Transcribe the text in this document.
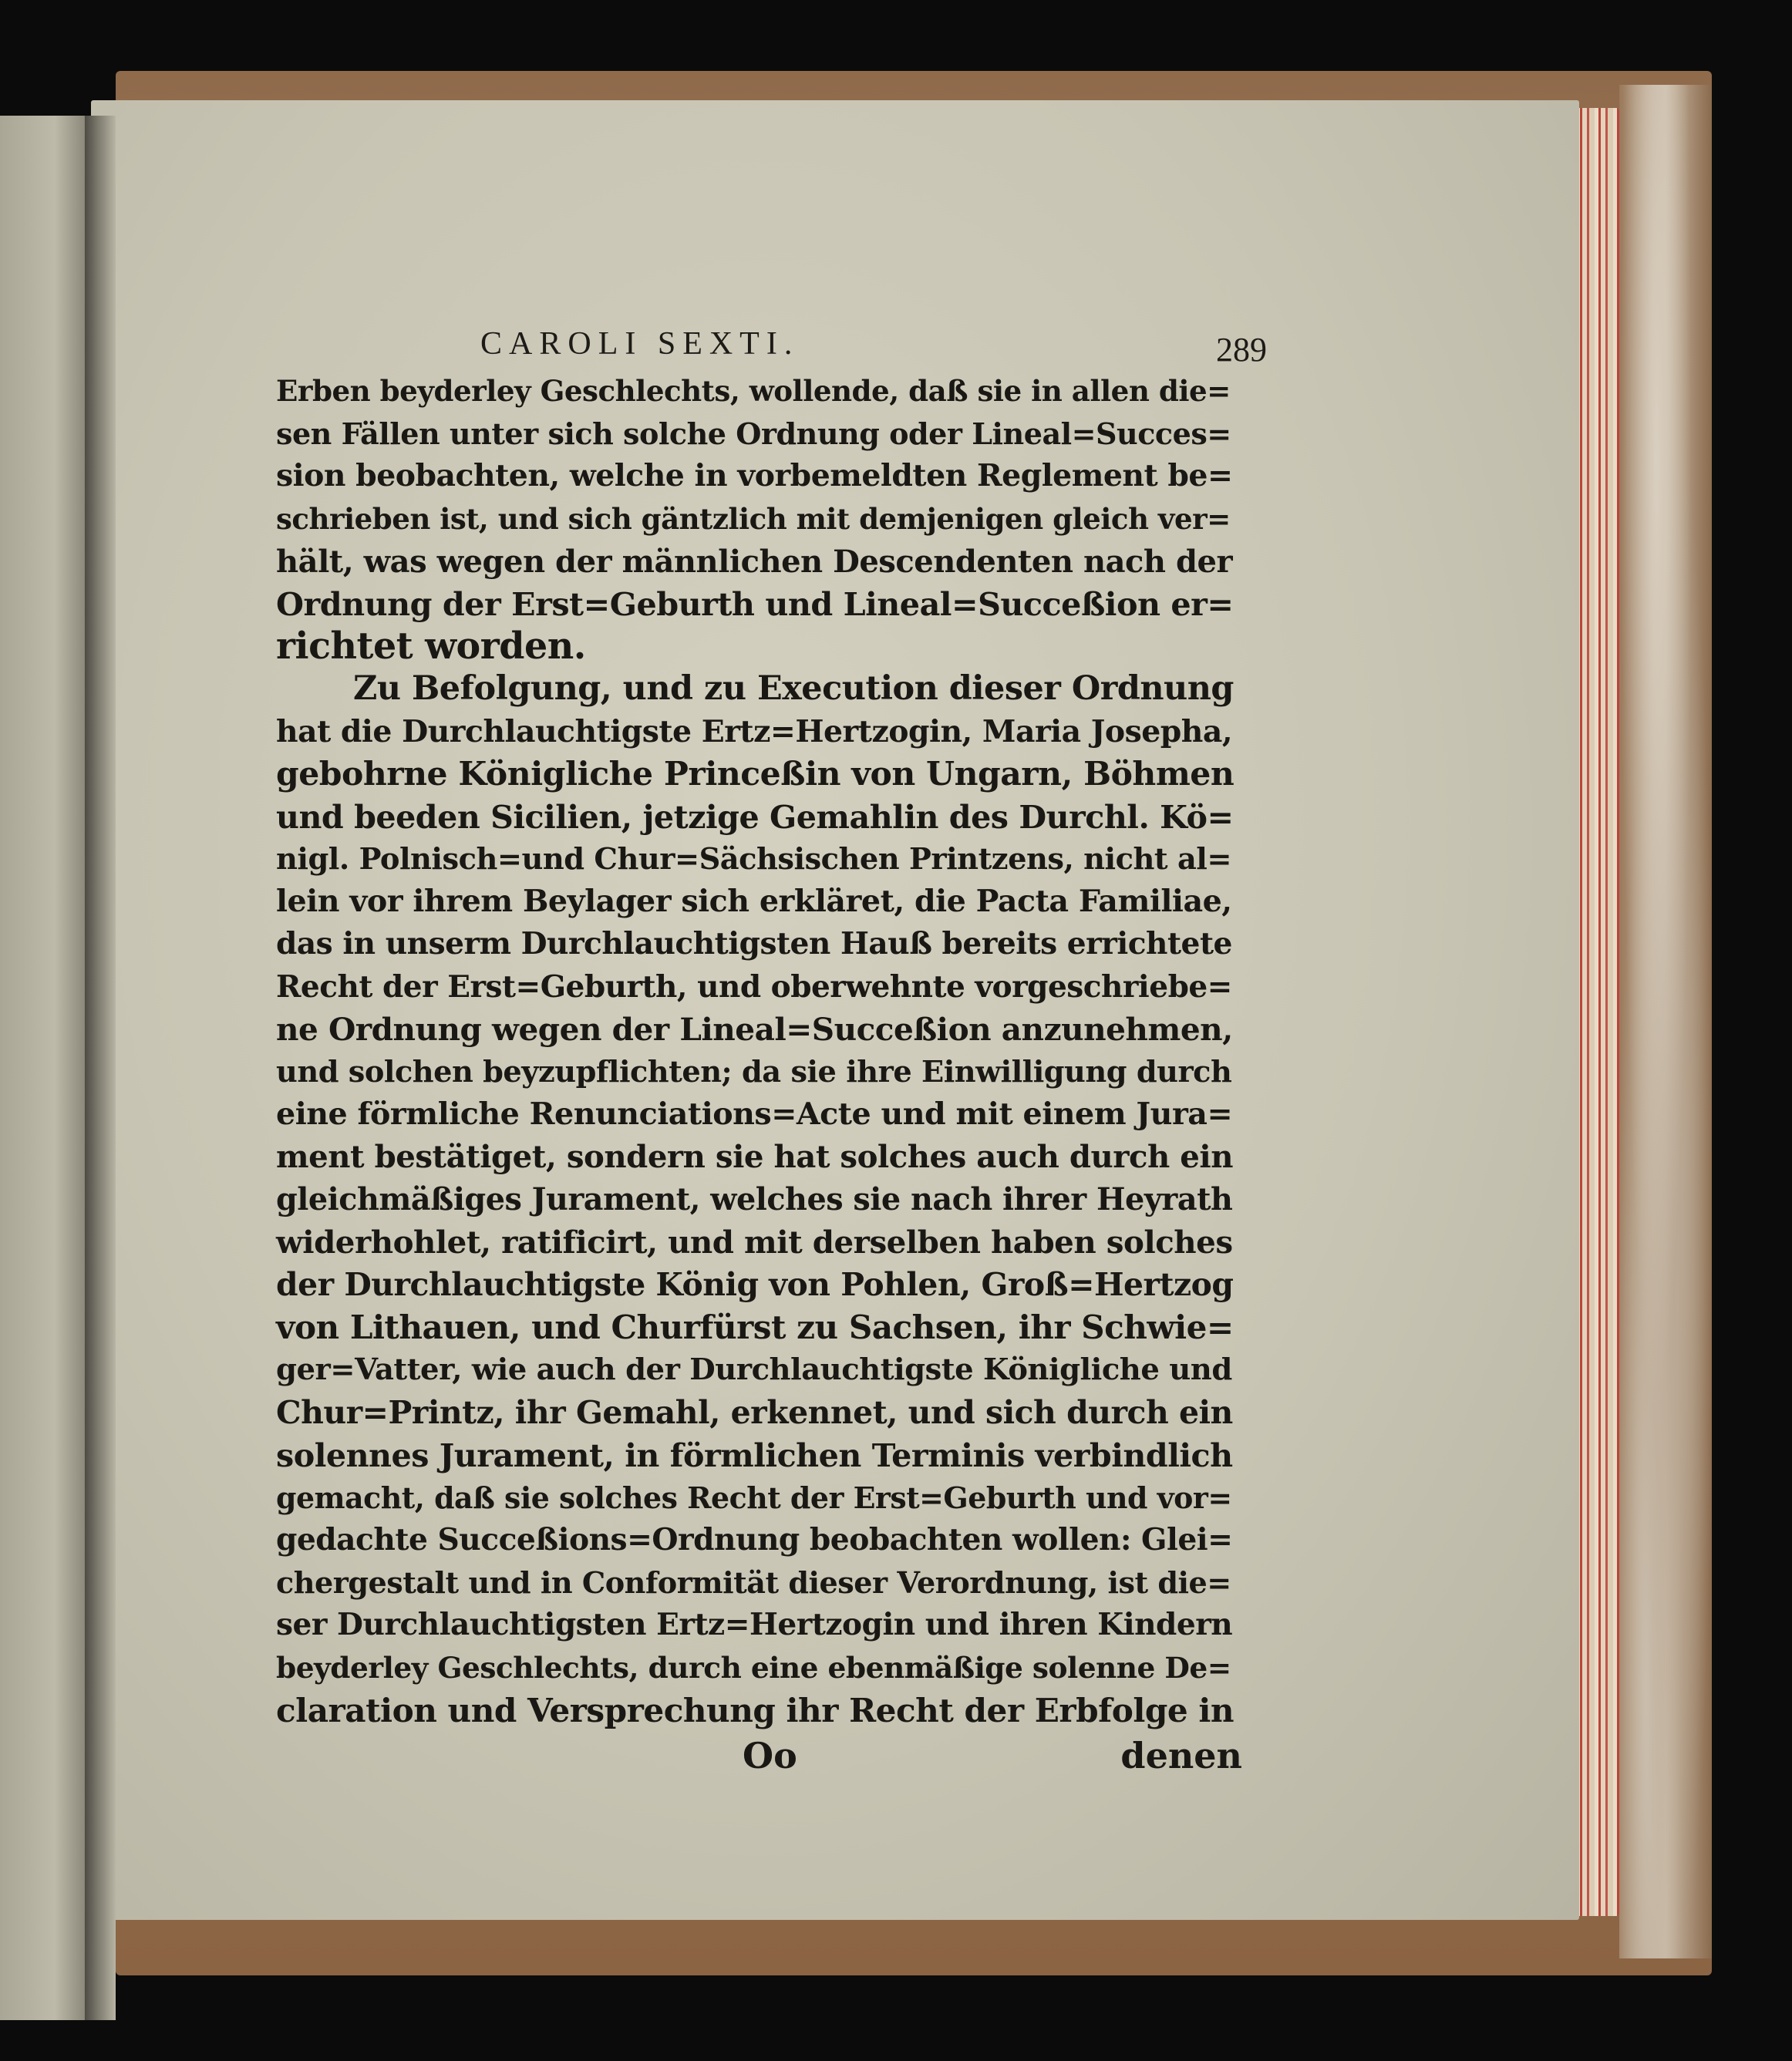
CAROLI SEXTI.	289
Erben beyderley Geschlechts, wollende, daß sie in allen die=
sen Fällen unter sich solche Ordnung oder Lineal=Succes=
sion beobachten, welche in vorbemeldten Reglement be=
schrieben ist, und sich gäntzlich mit demjenigen gleich ver=
hält, was wegen der männlichen Descendenten nach der
Ordnung der Erst=Geburth und Lineal=Succeßion er=
richtet worden.
Zu Befolgung, und zu Execution dieser Ordnung
hat die Durchlauchtigste Ertz=Hertzogin, Maria Josepha,
gebohrne Königliche Princeßin von Ungarn, Böhmen
und beeden Sicilien, jetzige Gemahlin des Durchl. Kö=
nigl. Polnisch=und Chur=Sächsischen Printzens, nicht al=
lein vor ihrem Beylager sich erkläret, die Pacta Familiae,
das in unserm Durchlauchtigsten Hauß bereits errichtete
Recht der Erst=Geburth, und oberwehnte vorgeschriebe=
ne Ordnung wegen der Lineal=Succeßion anzunehmen,
und solchen beyzupflichten; da sie ihre Einwilligung durch
eine förmliche Renunciations=Acte und mit einem Jura=
ment bestätiget, sondern sie hat solches auch durch ein
gleichmäßiges Jurament, welches sie nach ihrer Heyrath
widerhohlet, ratificirt, und mit derselben haben solches
der Durchlauchtigste König von Pohlen, Groß=Hertzog
von Lithauen, und Churfürst zu Sachsen, ihr Schwie=
ger=Vatter, wie auch der Durchlauchtigste Königliche und
Chur=Printz, ihr Gemahl, erkennet, und sich durch ein
solennes Jurament, in förmlichen Terminis verbindlich
gemacht, daß sie solches Recht der Erst=Geburth und vor=
gedachte Succeßions=Ordnung beobachten wollen: Glei=
chergestalt und in Conformität dieser Verordnung, ist die=
ser Durchlauchtigsten Ertz=Hertzogin und ihren Kindern
beyderley Geschlechts, durch eine ebenmäßige solenne De=
claration und Versprechung ihr Recht der Erbfolge in
Oo	denen
